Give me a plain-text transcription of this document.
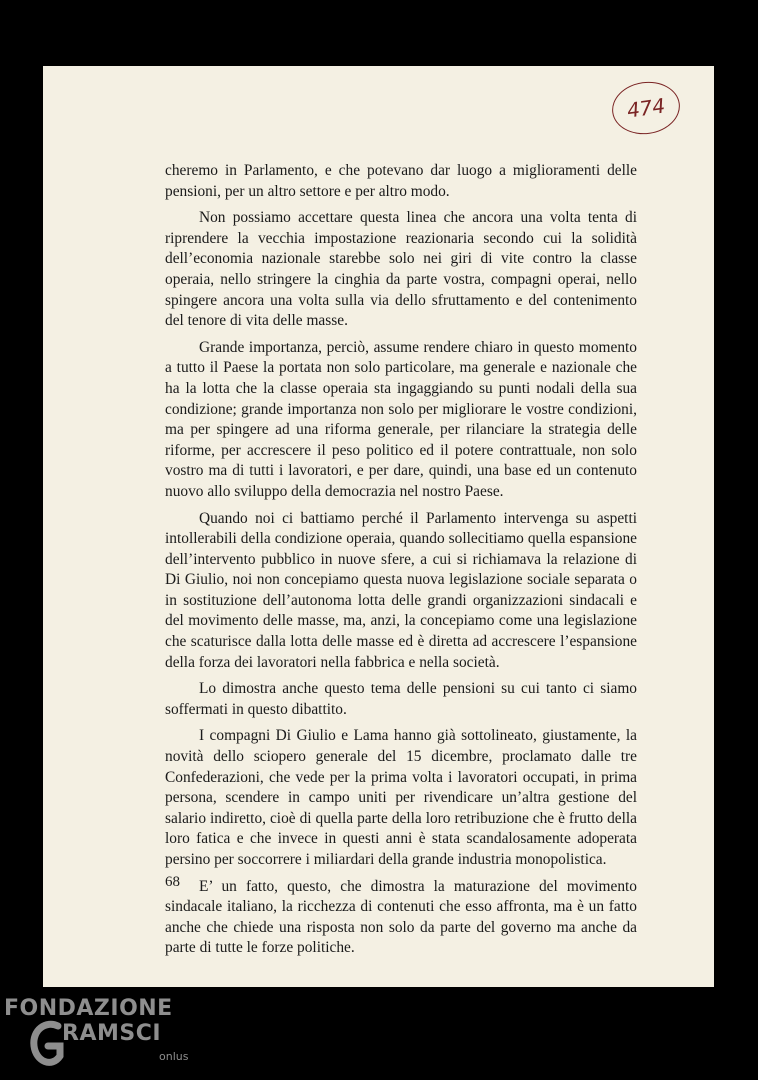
474

cheremo in Parlamento, e che potevano dar luogo a miglioramenti delle pensioni, per un altro settore e per altro modo.

Non possiamo accettare questa linea che ancora una volta tenta di riprendere la vecchia impostazione reazionaria secondo cui la solidità dell’economia nazionale starebbe solo nei giri di vite contro la classe operaia, nello stringere la cinghia da parte vostra, compagni operai, nello spingere ancora una volta sulla via dello sfruttamento e del contenimento del tenore di vita delle masse.

Grande importanza, perciò, assume rendere chiaro in questo momento a tutto il Paese la portata non solo particolare, ma generale e nazionale che ha la lotta che la classe operaia sta ingaggiando su punti nodali della sua condizione; grande importanza non solo per migliorare le vostre condizioni, ma per spingere ad una riforma generale, per rilanciare la strategia delle riforme, per accrescere il peso politico ed il potere contrattuale, non solo vostro ma di tutti i lavoratori, e per dare, quindi, una base ed un contenuto nuovo allo sviluppo della democrazia nel nostro Paese.

Quando noi ci battiamo perché il Parlamento intervenga su aspetti intollerabili della condizione operaia, quando sollecitiamo quella espansione dell’intervento pubblico in nuove sfere, a cui si richiamava la relazione di Di Giulio, noi non concepiamo questa nuova legislazione sociale separata o in sostituzione dell’autonoma lotta delle grandi organizzazioni sindacali e del movimento delle masse, ma, anzi, la concepiamo come una legislazione che scaturisce dalla lotta delle masse ed è diretta ad accrescere l’espansione della forza dei lavoratori nella fabbrica e nella società.

Lo dimostra anche questo tema delle pensioni su cui tanto ci siamo soffermati in questo dibattito.

I compagni Di Giulio e Lama hanno già sottolineato, giustamente, la novità dello sciopero generale del 15 dicembre, proclamato dalle tre Confederazioni, che vede per la prima volta i lavoratori occupati, in prima persona, scendere in campo uniti per rivendicare un’altra gestione del salario indiretto, cioè di quella parte della loro retribuzione che è frutto della loro fatica e che invece in questi anni è stata scandalosamente adoperata persino per soccorrere i miliardari della grande industria monopolistica.

E’ un fatto, questo, che dimostra la maturazione del movimento sindacale italiano, la ricchezza di contenuti che esso affronta, ma è un fatto anche che chiede una risposta non solo da parte del governo ma anche da parte di tutte le forze politiche.

68
FONDAZIONE
RAMSCI
onlus
